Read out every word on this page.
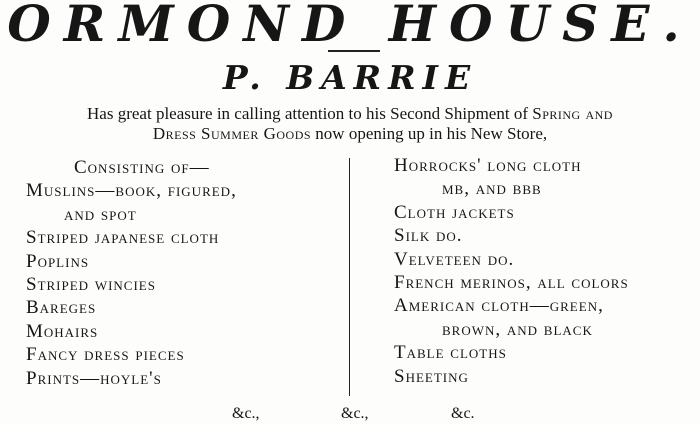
ORMOND HOUSE.
P. BARRIE
Has great pleasure in calling attention to his Second Shipment of Spring and
Dress Summer Goods now opening up in his New Store,
Consisting of—
Muslins—book, figured,
and spot
Striped japanese cloth
Poplins
Striped wincies
Bareges
Mohairs
Fancy dress pieces
Prints—hoyle's
Horrocks' long cloth
mb, and bbb
Cloth jackets
Silk do.
Velveteen do.
French merinos, all colors
American cloth—green,
brown, and black
Table cloths
Sheeting
&c.,	&c.,	&c.
